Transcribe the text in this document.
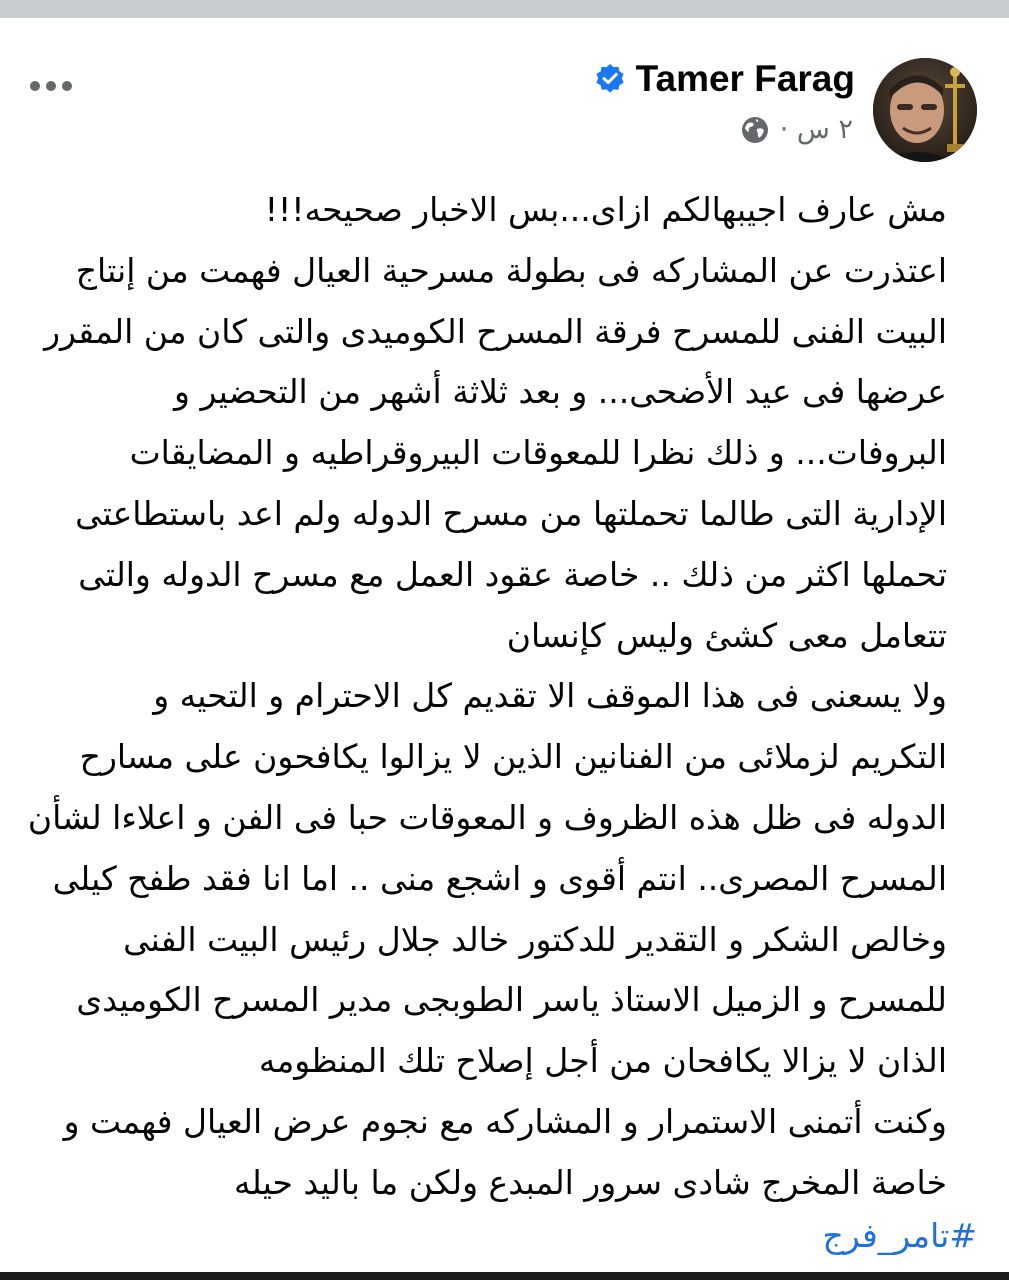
Tamer Farag
٢ س ·
مش عارف اجيبهالكم ازاى...بس الاخبار صحيحه!!!
اعتذرت عن المشاركه فى بطولة مسرحية العيال فهمت من إنتاج
البيت الفنى للمسرح فرقة المسرح الكوميدى والتى كان من المقرر
عرضها فى عيد الأضحى... و بعد ثلاثة أشهر من التحضير و
البروفات... و ذلك نظرا للمعوقات البيروقراطيه و المضايقات
الإدارية التى طالما تحملتها من مسرح الدوله ولم اعد باستطاعتى
تحملها اكثر من ذلك .. خاصة عقود العمل مع مسرح الدوله والتى
تتعامل معى كشئ وليس كإنسان
ولا يسعنى فى هذا الموقف الا تقديم كل الاحترام و التحيه و
التكريم لزملائى من الفنانين الذين لا يزالوا يكافحون على مسارح
الدوله فى ظل هذه الظروف و المعوقات حبا فى الفن و اعلاءا لشأن
المسرح المصرى.. انتم أقوى و اشجع منى .. اما انا فقد طفح كيلى
وخالص الشكر و التقدير للدكتور خالد جلال رئيس البيت الفنى
للمسرح و الزميل الاستاذ ياسر الطوبجى مدير المسرح الكوميدى
الذان لا يزالا يكافحان من أجل إصلاح تلك المنظومه
وكنت أتمنى الاستمرار و المشاركه مع نجوم عرض العيال فهمت و
خاصة المخرج شادى سرور المبدع ولكن ما باليد حيله
#تامر_فرج
